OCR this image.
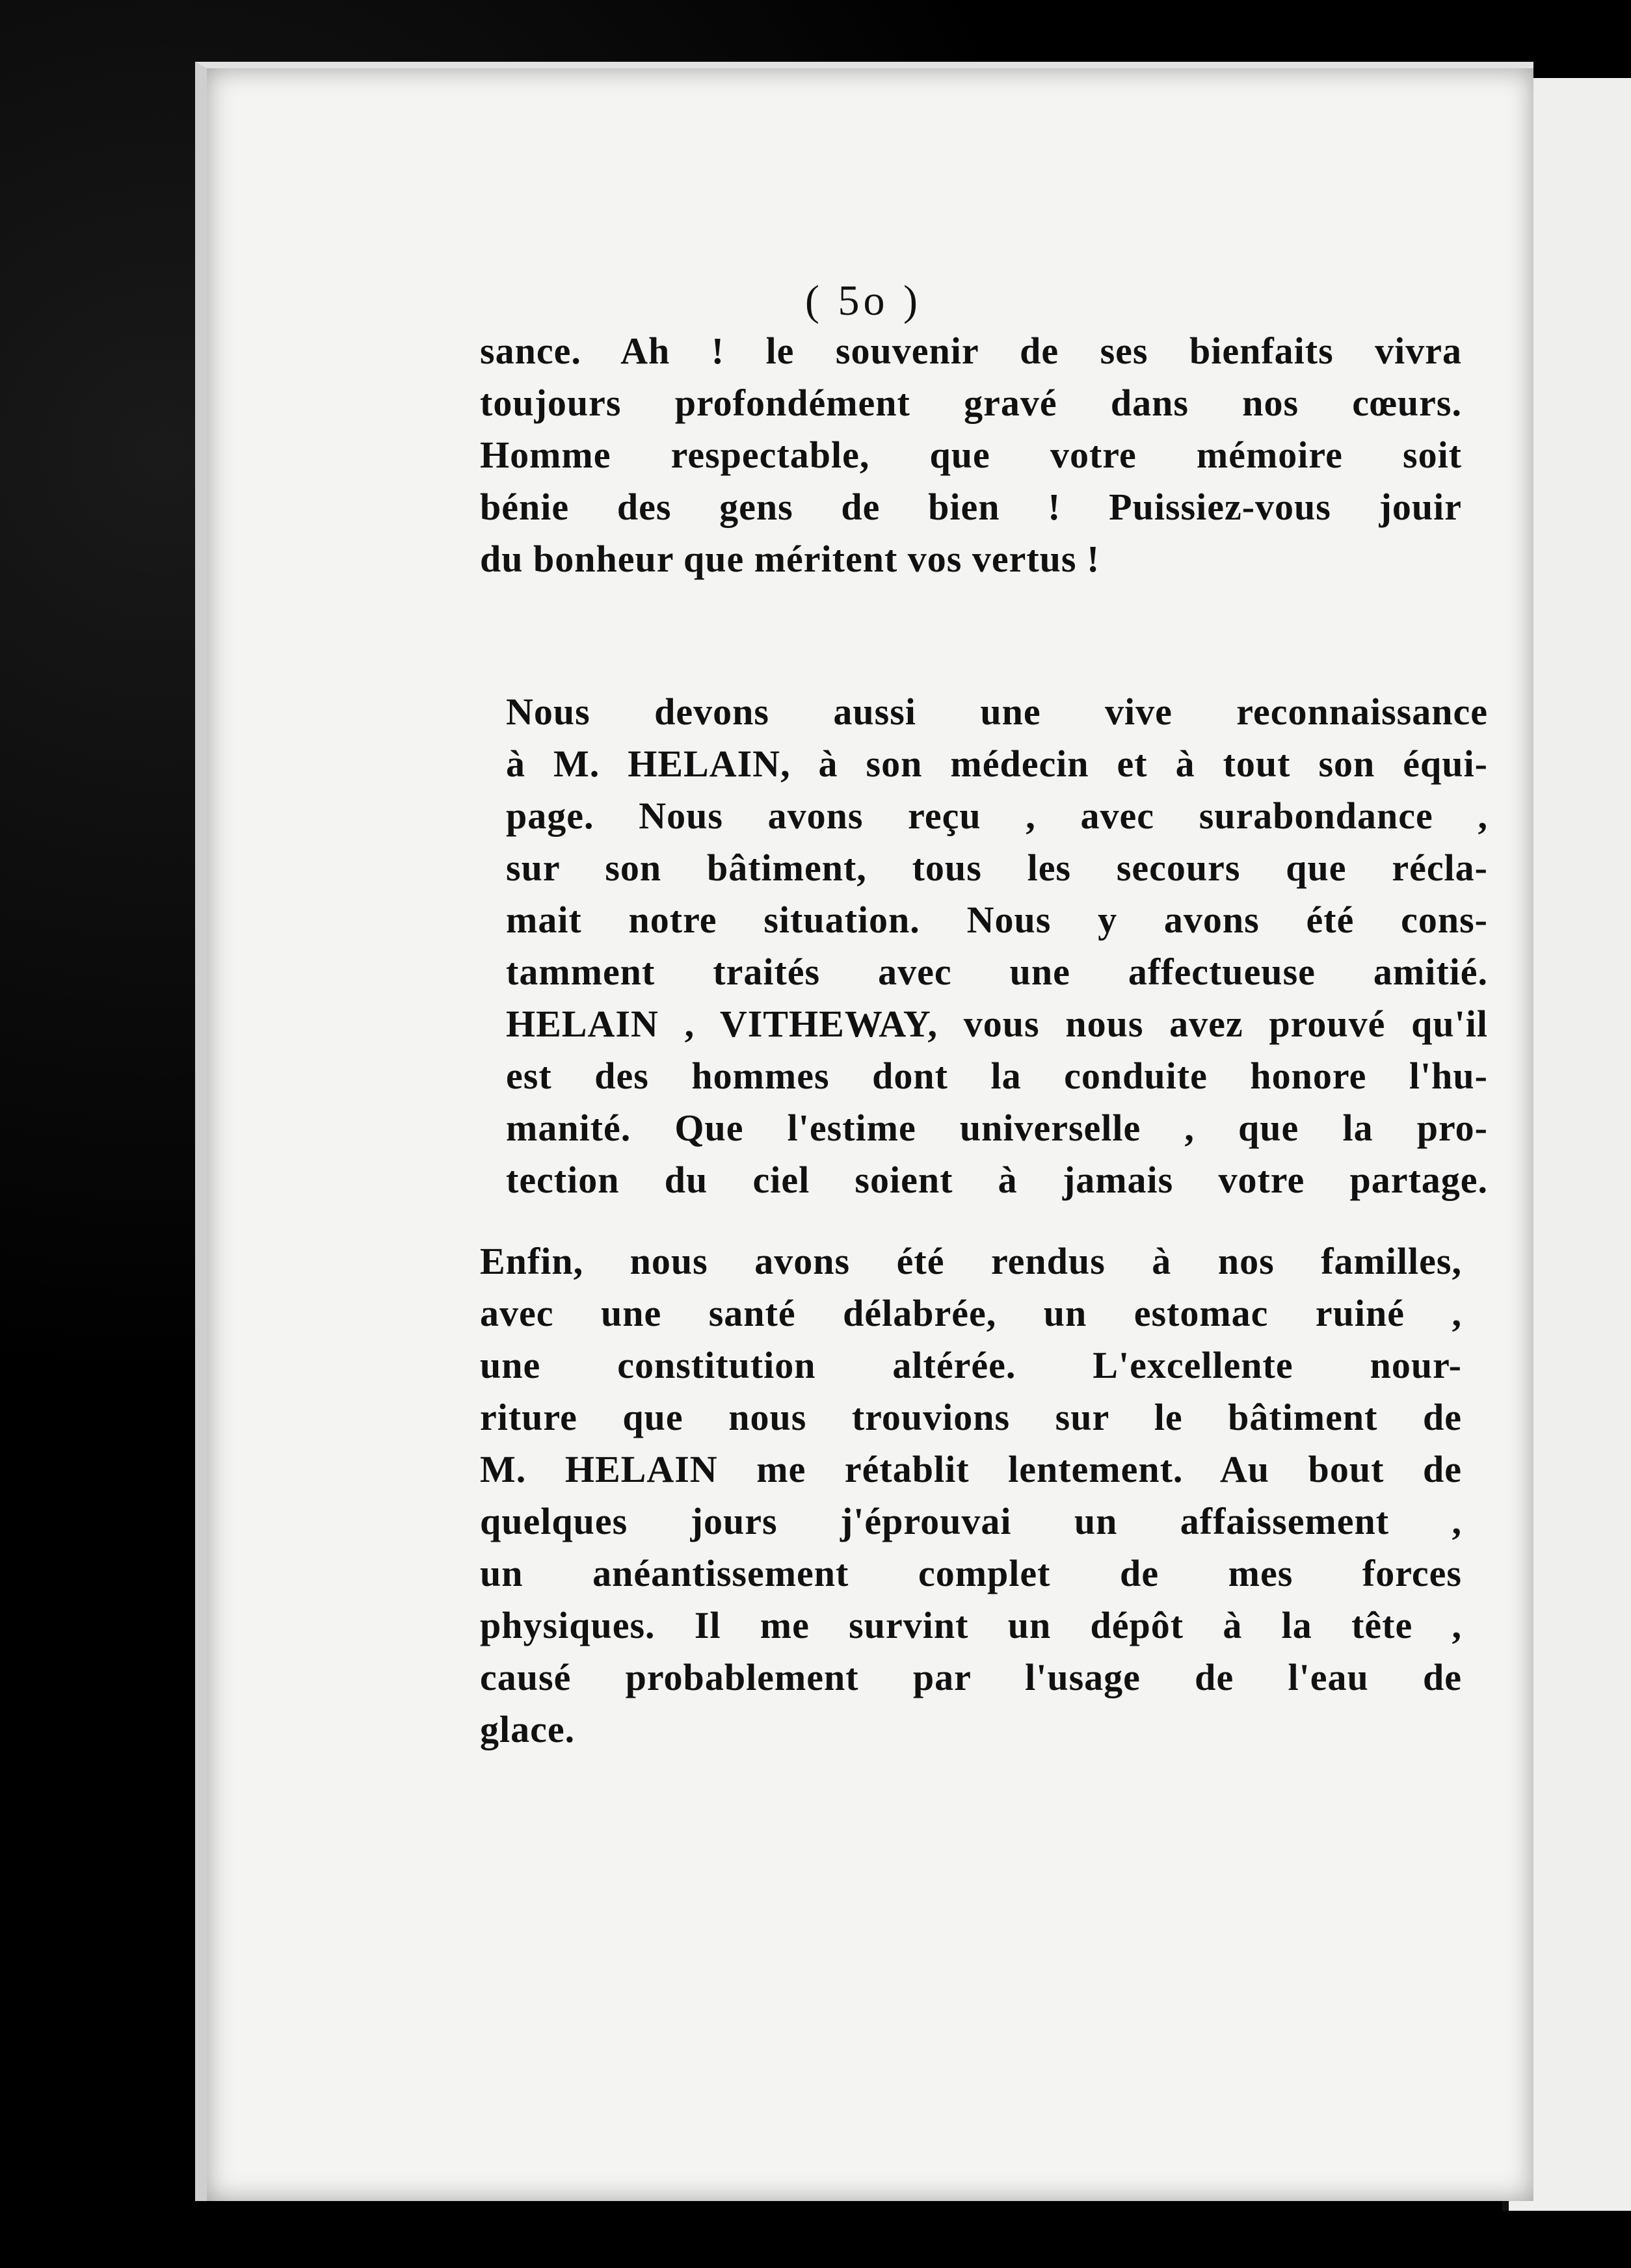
( 5o )
sance. Ah ! le souvenir de ses bienfaits vivra
toujours profondément gravé dans nos cœurs.
Homme respectable, que votre mémoire soit
bénie des gens de bien ! Puissiez-vous jouir
du bonheur que méritent vos vertus !
Nous devons aussi une vive reconnaissance
à M. HELAIN, à son médecin et à tout son équi-
page. Nous avons reçu , avec surabondance ,
sur son bâtiment, tous les secours que récla-
mait notre situation. Nous y avons été cons-
tamment traités avec une affectueuse amitié.
HELAIN , VITHEWAY, vous nous avez prouvé qu'il
est des hommes dont la conduite honore l'hu-
manité. Que l'estime universelle , que la pro-
tection du ciel soient à jamais votre partage.
Enfin, nous avons été rendus à nos familles,
avec une santé délabrée, un estomac ruiné ,
une constitution altérée. L'excellente nour-
riture que nous trouvions sur le bâtiment de
M. HELAIN me rétablit lentement. Au bout de
quelques jours j'éprouvai un affaissement ,
un anéantissement complet de mes forces
physiques. Il me survint un dépôt à la tête ,
causé probablement par l'usage de l'eau de
glace.
